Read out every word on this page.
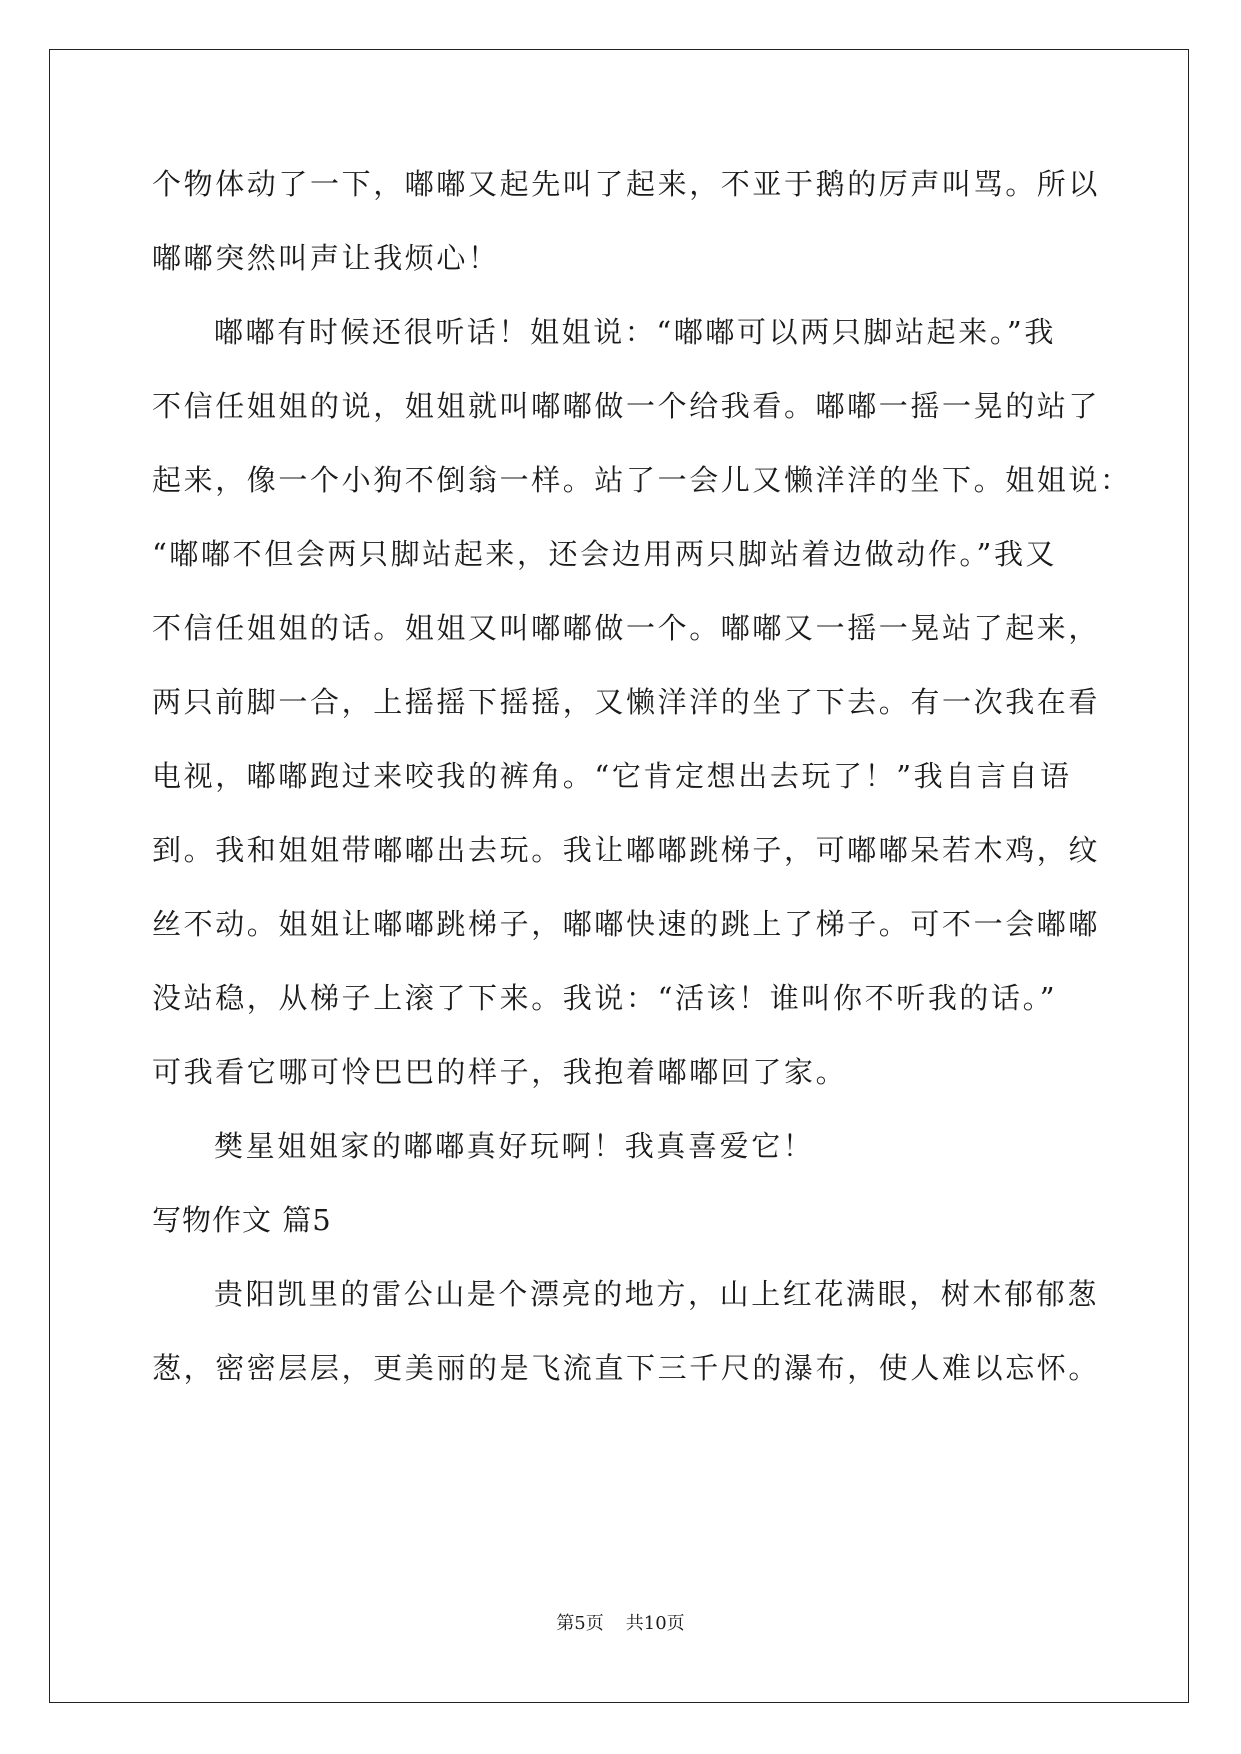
个物体动了一下，嘟嘟又起先叫了起来，不亚于鹅的厉声叫骂。所以
嘟嘟突然叫声让我烦心！
嘟嘟有时候还很听话！姐姐说：“嘟嘟可以两只脚站起来。”我
不信任姐姐的说，姐姐就叫嘟嘟做一个给我看。嘟嘟一摇一晃的站了
起来，像一个小狗不倒翁一样。站了一会儿又懒洋洋的坐下。姐姐说：
“嘟嘟不但会两只脚站起来，还会边用两只脚站着边做动作。”我又
不信任姐姐的话。姐姐又叫嘟嘟做一个。嘟嘟又一摇一晃站了起来，
两只前脚一合，上摇摇下摇摇，又懒洋洋的坐了下去。有一次我在看
电视，嘟嘟跑过来咬我的裤角。“它肯定想出去玩了！”我自言自语
到。我和姐姐带嘟嘟出去玩。我让嘟嘟跳梯子，可嘟嘟呆若木鸡，纹
丝不动。姐姐让嘟嘟跳梯子，嘟嘟快速的跳上了梯子。可不一会嘟嘟
没站稳，从梯子上滚了下来。我说：“活该！谁叫你不听我的话。”
可我看它哪可怜巴巴的样子，我抱着嘟嘟回了家。
樊星姐姐家的嘟嘟真好玩啊！我真喜爱它！
写物作文 篇5
贵阳凯里的雷公山是个漂亮的地方，山上红花满眼，树木郁郁葱
葱，密密层层，更美丽的是飞流直下三千尺的瀑布，使人难以忘怀。
第5页 共10页
